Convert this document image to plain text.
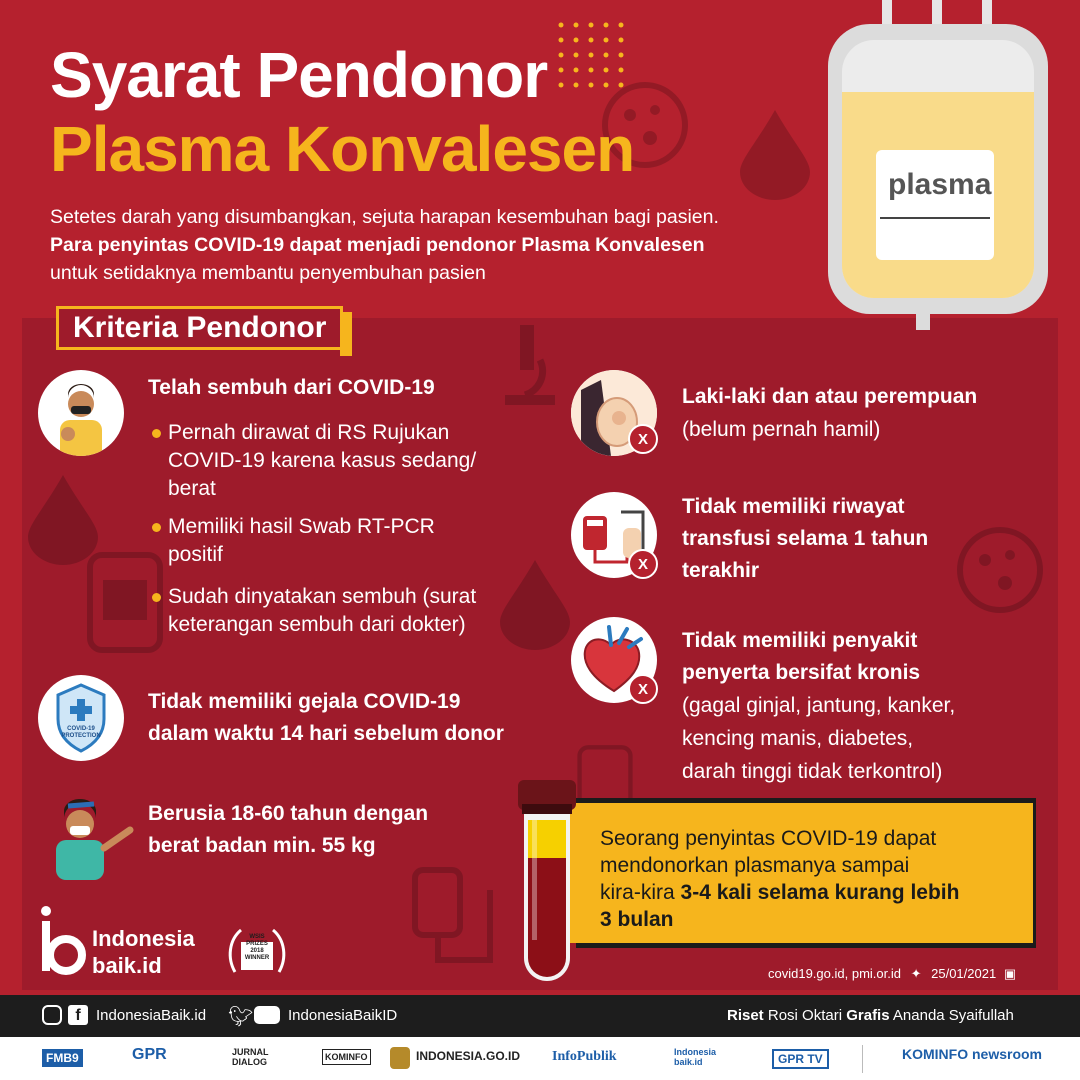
Syarat Pendonor
Plasma Konvalesen
Setetes darah yang disumbangkan, sejuta harapan kesembuhan bagi pasien.
Para penyintas COVID-19 dapat menjadi pendonor Plasma Konvalesen
untuk setidaknya membantu penyembuhan pasien
plasma
Kriteria Pendonor
Telah sembuh dari COVID-19
Pernah dirawat di RS Rujukan COVID-19 karena kasus sedang/ berat
Memiliki hasil Swab RT-PCR positif
Sudah dinyatakan sembuh (surat keterangan sembuh dari dokter)
COVID-19 PROTECTION
Tidak memiliki gejala COVID-19
dalam waktu 14 hari sebelum donor
Berusia 18-60 tahun dengan
berat badan min. 55 kg
X
Laki-laki dan atau perempuan
(belum pernah hamil)
X
Tidak memiliki riwayat
transfusi selama 1 tahun
terakhir
X
Tidak memiliki penyakit
penyerta bersifat kronis
(gagal ginjal, jantung, kanker,
kencing manis, diabetes,
darah tinggi tidak terkontrol)

Seorang penyintas COVID-19 dapat
mendonorkan plasmanya sampai
kira-kira 3-4 kali selama kurang lebih
3 bulan

covid19.go.id, pmi.or.id ✦ 25/01/2021 ▣
Indonesia
baik.id
WSIS PRIZES 2018 WINNER
f	IndonesiaBaik.id 🐦︎ IndonesiaBaikID	Riset Rosi Oktari Grafis Ananda Syaifullah
FMB9	GPR	JURNAL DIALOG	KOMINFO	INDONESIA.GO.ID InfoPublik	Indonesia baik.id	GPR TV	KOMINFO newsroom
